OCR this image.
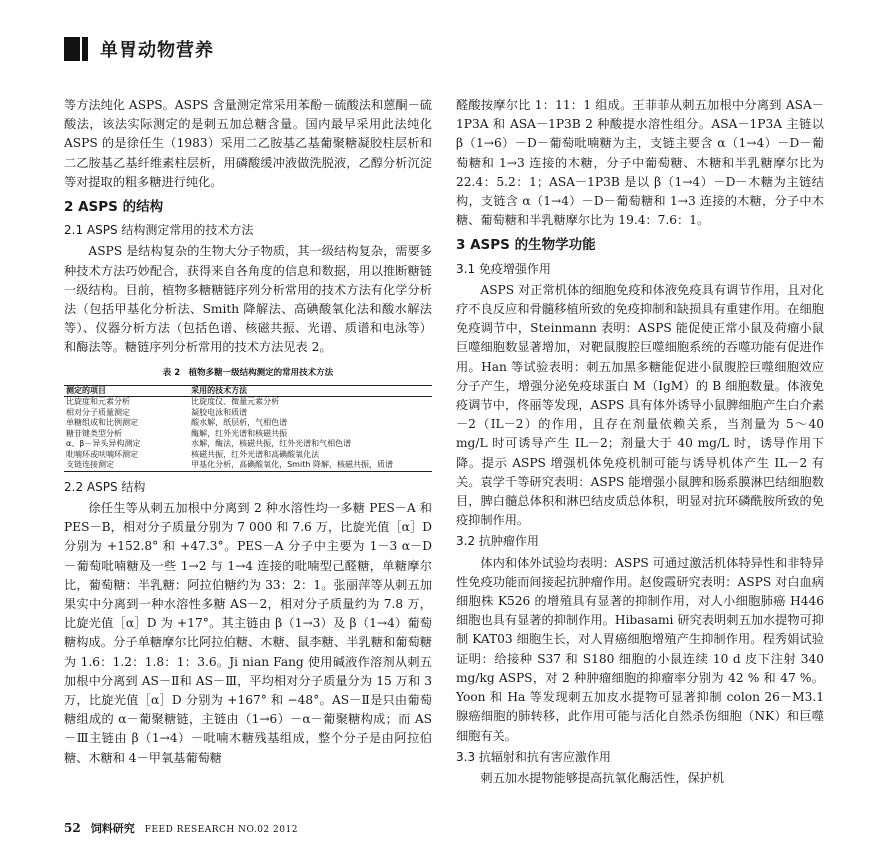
单胃动物营养

等方法纯化 ASPS。ASPS 含量测定常采用苯酚－硫酸法和蒽酮－硫酸法，该法实际测定的是刺五加总糖含量。国内最早采用此法纯化 ASPS 的是徐任生（1983）采用二乙胺基乙基葡聚糖凝胶柱层析和二乙胺基乙基纤维素柱层析，用磷酸缓冲液做洗脱液，乙醇分析沉淀等对提取的粗多糖进行纯化。

2 ASPS 的结构
2.1 ASPS 结构测定常用的技术方法

ASPS 是结构复杂的生物大分子物质，其一级结构复杂，需要多种技术方法巧妙配合，获得来自各角度的信息和数据，用以推断糖链一级结构。目前，植物多糖糖链序列分析常用的技术方法有化学分析法（包括甲基化分析法、Smith 降解法、高碘酸氧化法和酸水解法等）、仪器分析方法（包括色谱、核磁共振、光谱、质谱和电泳等）和酶法等。糖链序列分析常用的技术方法见表 2。

表 2　植物多糖一级结构测定的常用技术方法
测定的项目	采用的技术方法
比旋度和元素分析	比旋度仪、微量元素分析
相对分子质量测定	凝胶电泳和质谱
单糖组成和比例测定	酸水解，纸层析，气相色谱
糖苷键类型分析	酶解，红外光谱和核磁共振
α、β－异头异构测定	水解，酶法，核磁共振，红外光谱和气相色谱
吡喃环或呋喃环测定	核磁共振，红外光谱和高碘酸氧化法
支链连接测定	甲基化分析，高碘酸氧化，Smith 降解，核磁共振，质谱
2.2 ASPS 结构

徐任生等从刺五加根中分离到 2 种水溶性均一多糖 PES－A 和 PES－B，相对分子质量分别为 7 000 和 7.6 万，比旋光值［α］D 分别为 +152.8° 和 +47.3°。PES－A 分子中主要为 1－3 α－D－葡萄吡喃糖及一些 1→2 与 1→4 连接的吡喃型己醛糖，单糖摩尔比，葡萄糖：半乳糖：阿拉伯糖约为 33：2：1。张丽萍等从刺五加果实中分离到一种水溶性多糖 AS－2，相对分子质量约为 7.8 万，比旋光值［α］D 为 +17°。其主链由 β（1→3）及 β（1→4）葡萄糖构成。分子单糖摩尔比阿拉伯糖、木糖、鼠李糖、半乳糖和葡萄糖为 1.6：1.2：1.8：1：3.6。Ji nian Fang 使用碱液作溶剂从刺五加根中分离到 AS－Ⅱ和 AS－Ⅲ，平均相对分子质量分为 15 万和 3 万，比旋光值［α］D 分别为 +167° 和 −48°。AS－Ⅱ是只由葡萄糖组成的 α－葡聚糖链，主链由（1→6）－α－葡聚糖构成；而 AS－Ⅲ主链由 β（1→4）－吡喃木糖残基组成，整个分子是由阿拉伯糖、木糖和 4－甲氧基葡萄糖

醛酸按摩尔比 1：11：1 组成。王菲菲从刺五加根中分离到 ASA－1P3A 和 ASA－1P3B 2 种酸提水溶性组分。ASA－1P3A 主链以 β（1→6）－D－葡萄吡喃糖为主，支链主要含 α（1→4）－D－葡萄糖和 1→3 连接的木糖，分子中葡萄糖、木糖和半乳糖摩尔比为 22.4：5.2：1；ASA－1P3B 是以 β（1→4）－D－木糖为主链结构，支链含 α（1→4）－D－葡萄糖和 1→3 连接的木糖，分子中木糖、葡萄糖和半乳糖摩尔比为 19.4：7.6：1。

3 ASPS 的生物学功能
3.1 免疫增强作用

ASPS 对正常机体的细胞免疫和体液免疫具有调节作用，且对化疗不良反应和骨髓移植所致的免疫抑制和缺损具有重建作用。在细胞免疫调节中，Steinmann 表明：ASPS 能促使正常小鼠及荷瘤小鼠巨噬细胞数显著增加，对靶鼠腹腔巨噬细胞系统的吞噬功能有促进作用。Han 等试验表明：刺五加黑多糖能促进小鼠腹腔巨噬细胞效应分子产生，增强分泌免疫球蛋白 M（IgM）的 B 细胞数量。体液免疫调节中，佟丽等发现，ASPS 具有体外诱导小鼠脾细胞产生白介素－2（IL－2）的作用，且存在剂量依赖关系，当剂量为 5～40 mg/L 时可诱导产生 IL－2；剂量大于 40 mg/L 时，诱导作用下降。提示 ASPS 增强机体免疫机制可能与诱导机体产生 IL－2 有关。袁学千等研究表明：ASPS 能增强小鼠脾和肠系膜淋巴结细胞数目，脾白髓总体积和淋巴结皮质总体积，明显对抗环磷酰胺所致的免疫抑制作用。

3.2 抗肿瘤作用

体内和体外试验均表明：ASPS 可通过激活机体特异性和非特异性免疫功能而间接起抗肿瘤作用。赵俊霞研究表明：ASPS 对白血病细胞株 K526 的增殖具有显著的抑制作用，对人小细胞肺癌 H446 细胞也具有显著的抑制作用。Hibasami 研究表明刺五加水提物可抑制 KAT03 细胞生长，对人胃癌细胞增殖产生抑制作用。程秀娟试验证明：给接种 S37 和 S180 细胞的小鼠连续 10 d 皮下注射 340 mg/kg ASPS，对 2 种肿瘤细胞的抑瘤率分别为 42 % 和 47 %。Yoon 和 Ha 等发现刺五加皮水提物可显著抑制 colon 26－M3.1 腺癌细胞的肺转移，此作用可能与活化自然杀伤细胞（NK）和巨噬细胞有关。

3.3 抗辐射和抗有害应激作用

刺五加水提物能够提高抗氧化酶活性，保护机

52 饲料研究 FEED RESEARCH NO.02 2012
